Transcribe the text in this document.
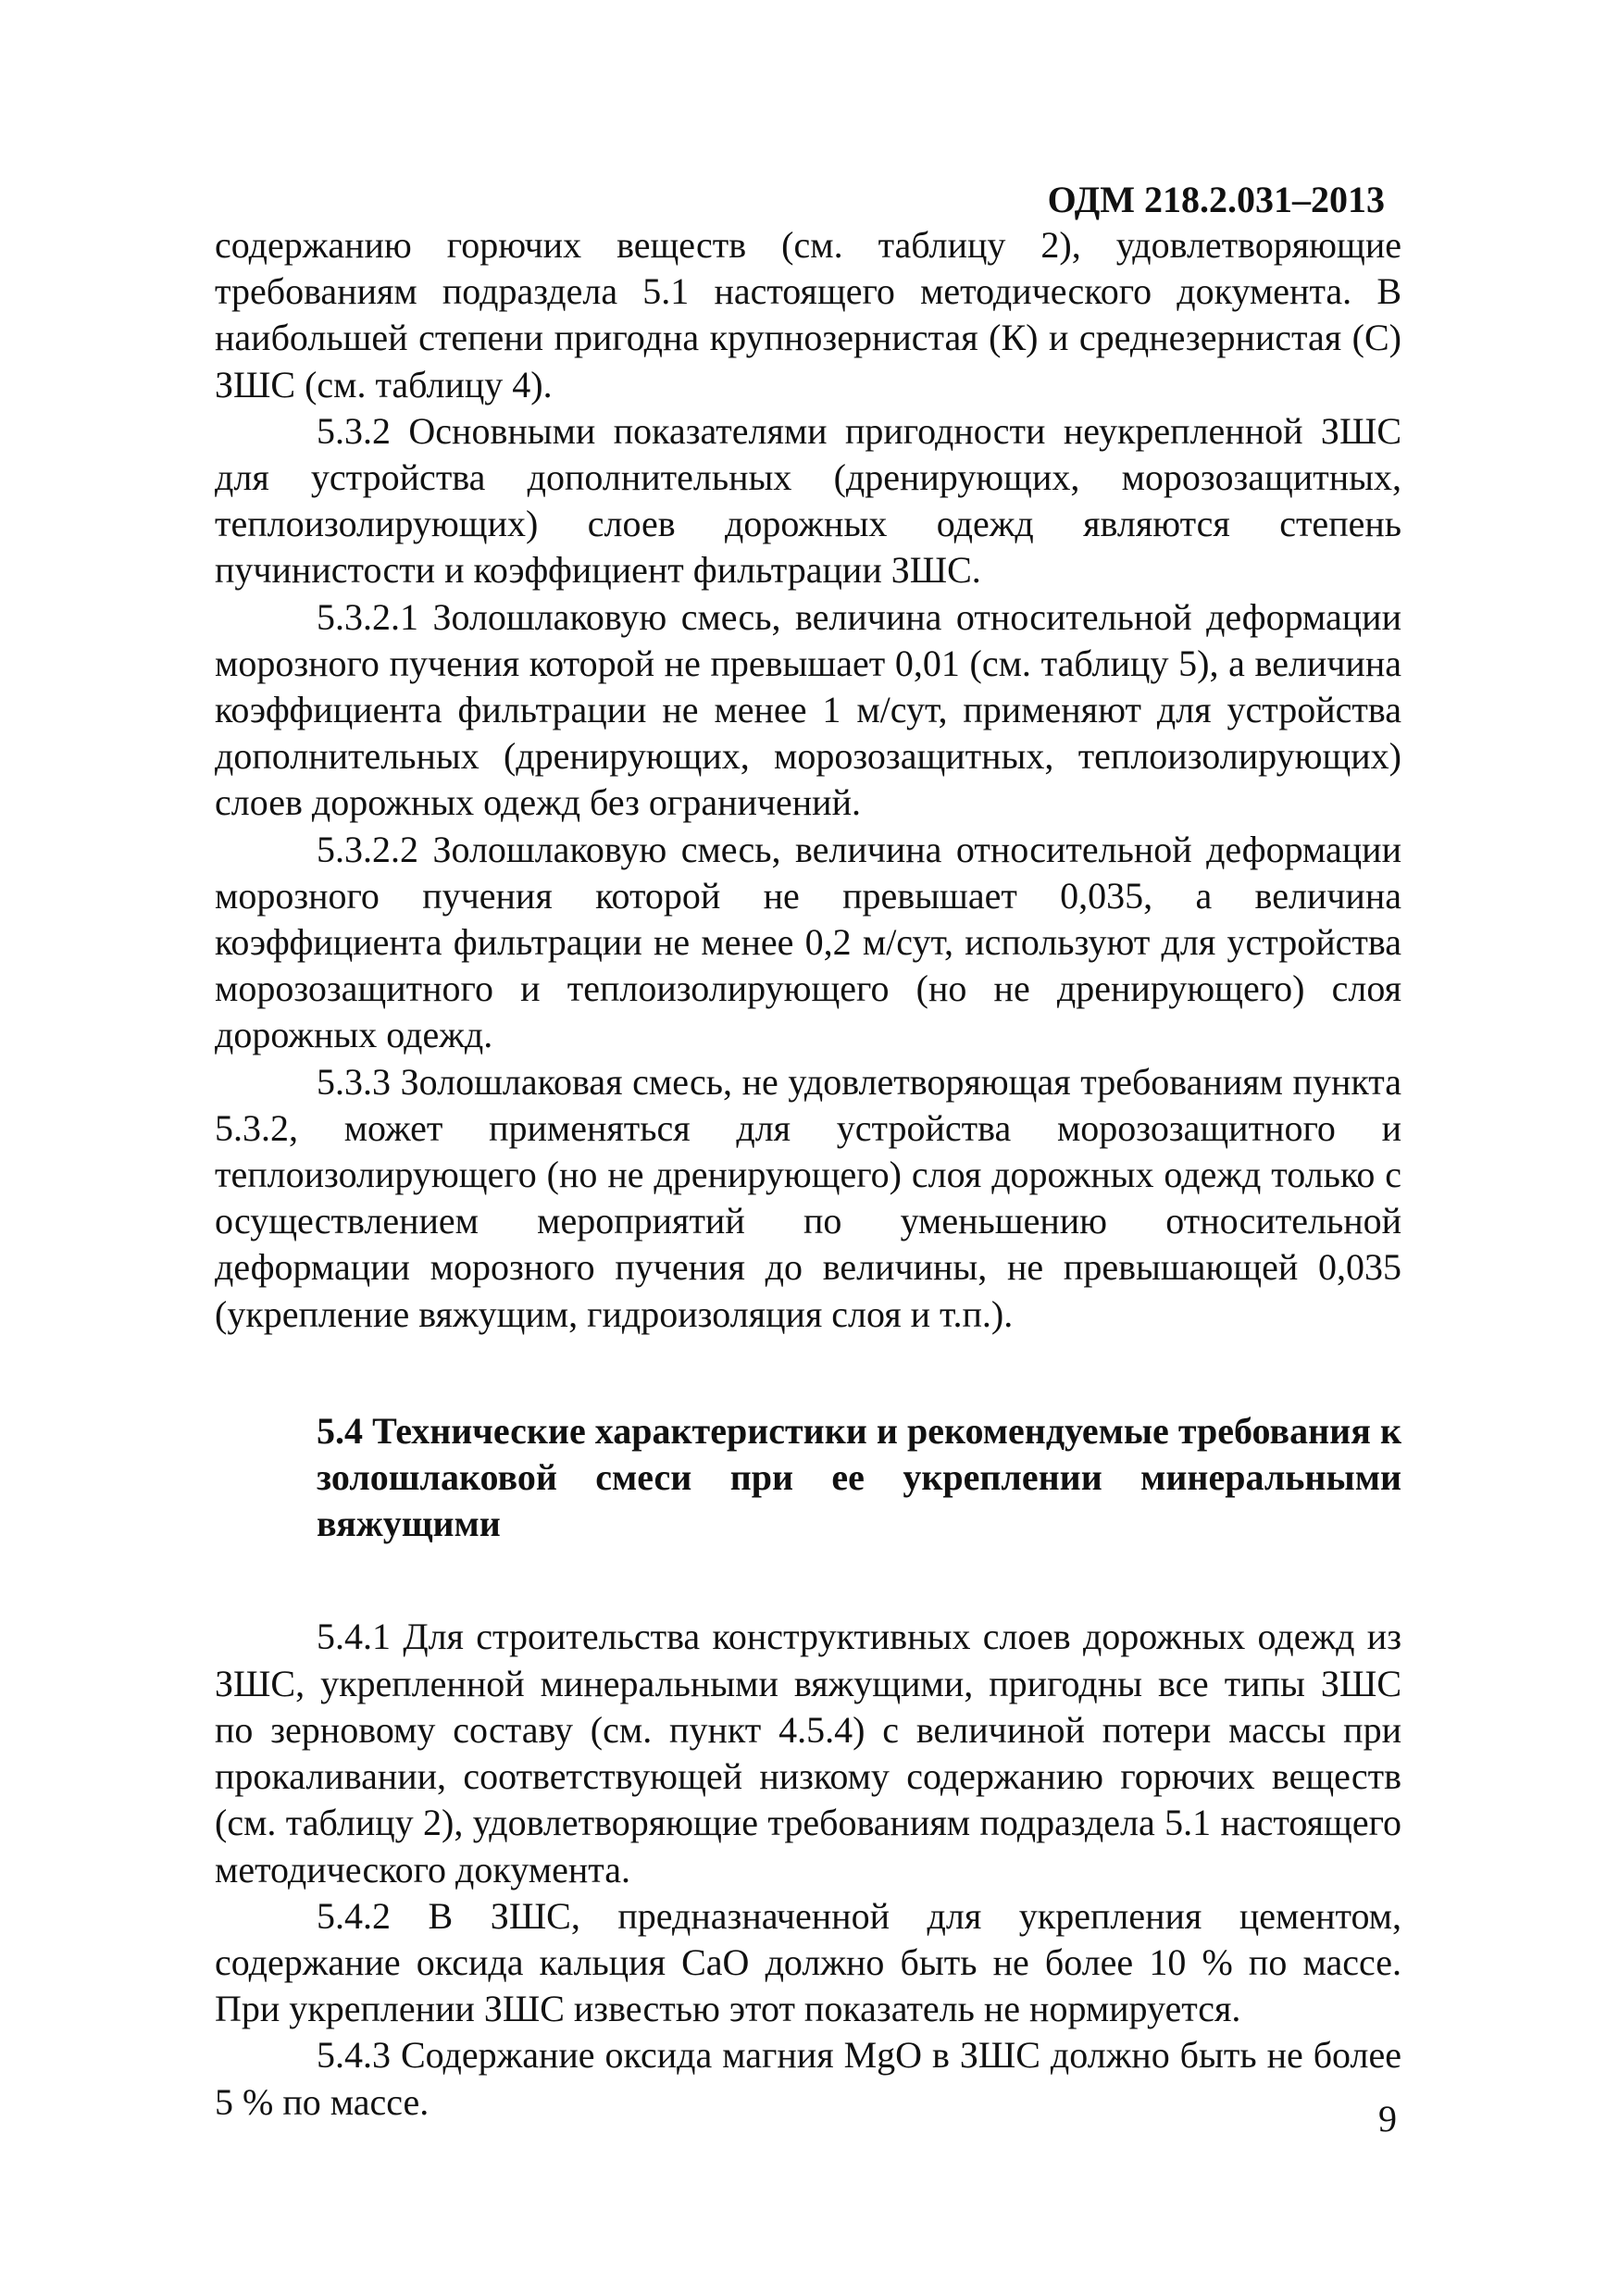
ОДМ 218.2.031–2013

содержанию горючих веществ (см. таблицу 2), удовлетворяющие требованиям подраздела 5.1 настоящего методического документа. В наибольшей степени пригодна крупнозернистая (К) и среднезернистая (С) ЗШС (см. таблицу 4).

5.3.2 Основными показателями пригодности неукрепленной ЗШС для устройства дополнительных (дренирующих, морозозащитных, теплоизолирующих) слоев дорожных одежд являются степень пучинистости и коэффициент фильтрации ЗШС.

5.3.2.1 Золошлаковую смесь, величина относительной деформации морозного пучения которой не превышает 0,01 (см. таблицу 5), а величина коэффициента фильтрации не менее 1 м/сут, применяют для устройства дополнительных (дренирующих, морозозащитных, теплоизолирующих) слоев дорожных одежд без ограничений.

5.3.2.2 Золошлаковую смесь, величина относительной деформации морозного пучения которой не превышает 0,035, а величина коэффициента фильтрации не менее 0,2 м/сут, используют для устройства морозозащитного и теплоизолирующего (но не дренирующего) слоя дорожных одежд.

5.3.3 Золошлаковая смесь, не удовлетворяющая требованиям пункта 5.3.2, может применяться для устройства морозозащитного и теплоизолирующего (но не дренирующего) слоя дорожных одежд только с осуществлением мероприятий по уменьшению относительной деформации морозного пучения до величины, не превышающей 0,035 (укрепление вяжущим, гидроизоляция слоя и т.п.).

5.4 Технические характеристики и рекомендуемые требования к золошлаковой смеси при ее укреплении минеральными вяжущими

5.4.1 Для строительства конструктивных слоев дорожных одежд из ЗШС, укрепленной минеральными вяжущими, пригодны все типы ЗШС по зерновому составу (см. пункт 4.5.4) с величиной потери массы при прокаливании, соответствующей низкому содержанию горючих веществ (см. таблицу 2), удовлетворяющие требованиям подраздела 5.1 настоящего методического документа.

5.4.2 В ЗШС, предназначенной для укрепления цементом, содержание оксида кальция CaO должно быть не более 10 % по массе. При укреплении ЗШС известью этот показатель не нормируется.

5.4.3 Содержание оксида магния MgO в ЗШС должно быть не более 5 % по массе.	9
